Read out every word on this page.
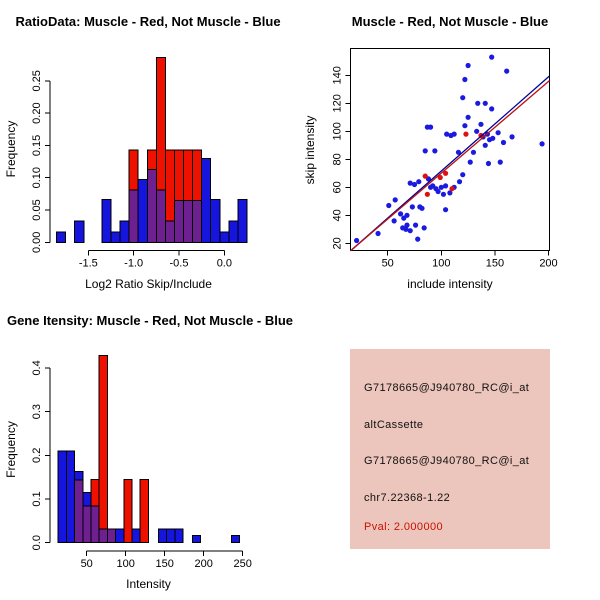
0.00
0.05
0.10
0.15
0.20
0.25
-1.5 -1.0 -0.5	0.0
RatioData: Muscle - Red, Not Muscle - Blue
Log2 Ratio Skip/Include
Frequency
50	100	150	200
20
40
60
80
100
120
140
Muscle - Red, Not Muscle - Blue
include intensity
skip intensity
0.0
0.1
0.2
0.3
0.4
50 100 150 200 250
Gene Itensity: Muscle - Red, Not Muscle - Blue
Intensity
Frequency
G7178665@J940780_RC@i_at
altCassette
G7178665@J940780_RC@i_at
chr7.22368-1.22
Pval: 2.000000
